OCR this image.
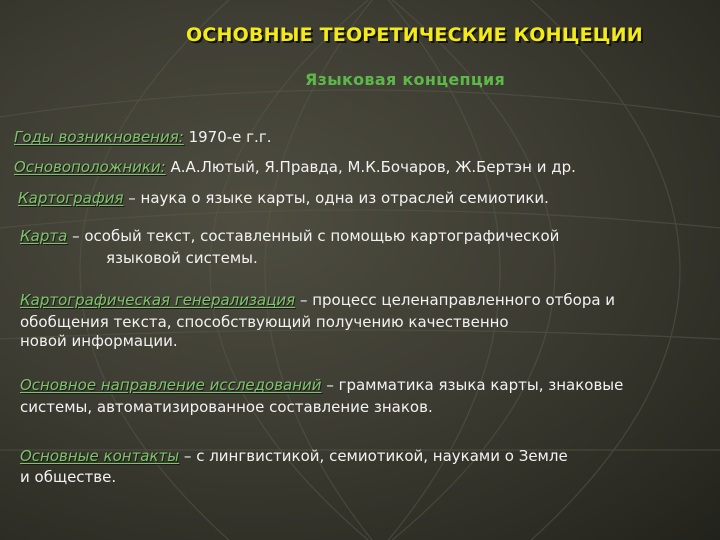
ОСНОВНЫЕ ТЕОРЕТИЧЕСКИЕ КОНЦЕЦИИ
Языковая концепция

Годы возникновения: 1970-е г.г.

Основоположники: А.А.Лютый, Я.Правда, М.К.Бочаров, Ж.Бертэн и др.

Картография – наука о языке карты, одна из отраслей семиотики.

Карта – особый текст, составленный с помощью картографической

языковой системы.

Картографическая генерализация – процесс целенаправленного отбора и

обобщения текста, способствующий получению качественно

новой информации.

Основное направление исследований – грамматика языка карты, знаковые

системы, автоматизированное составление знаков.

Основные контакты – с лингвистикой, семиотикой, науками о Земле

и обществе.
